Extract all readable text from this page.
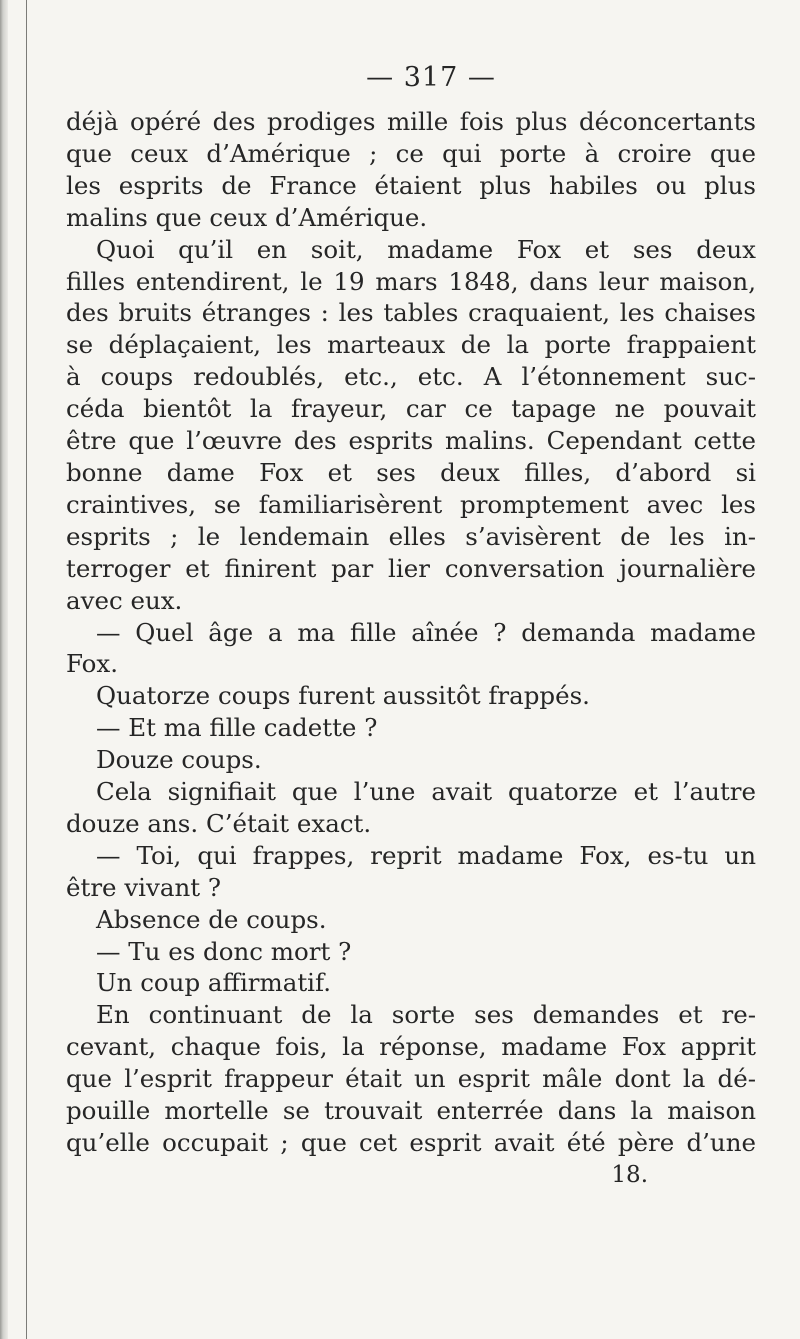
— 317 —
déjà opéré des prodiges mille fois plus déconcertants
que ceux d’Amérique ; ce qui porte à croire que
les esprits de France étaient plus habiles ou plus
malins que ceux d’Amérique.
Quoi qu’il en soit, madame Fox et ses deux
filles entendirent, le 19 mars 1848, dans leur maison,
des bruits étranges : les tables craquaient, les chaises
se déplaçaient, les marteaux de la porte frappaient
à coups redoublés, etc., etc. A l’étonnement suc-
céda bientôt la frayeur, car ce tapage ne pouvait
être que l’œuvre des esprits malins. Cependant cette
bonne dame Fox et ses deux filles, d’abord si
craintives, se familiarisèrent promptement avec les
esprits ; le lendemain elles s’avisèrent de les in-
terroger et finirent par lier conversation journalière
avec eux.
— Quel âge a ma fille aînée ? demanda madame
Fox.
Quatorze coups furent aussitôt frappés.
— Et ma fille cadette ?
Douze coups.
Cela signifiait que l’une avait quatorze et l’autre
douze ans. C’était exact.
— Toi, qui frappes, reprit madame Fox, es-tu un
être vivant ?
Absence de coups.
— Tu es donc mort ?
Un coup affirmatif.
En continuant de la sorte ses demandes et re-
cevant, chaque fois, la réponse, madame Fox apprit
que l’esprit frappeur était un esprit mâle dont la dé-
pouille mortelle se trouvait enterrée dans la maison
qu’elle occupait ; que cet esprit avait été père d’une
18.
